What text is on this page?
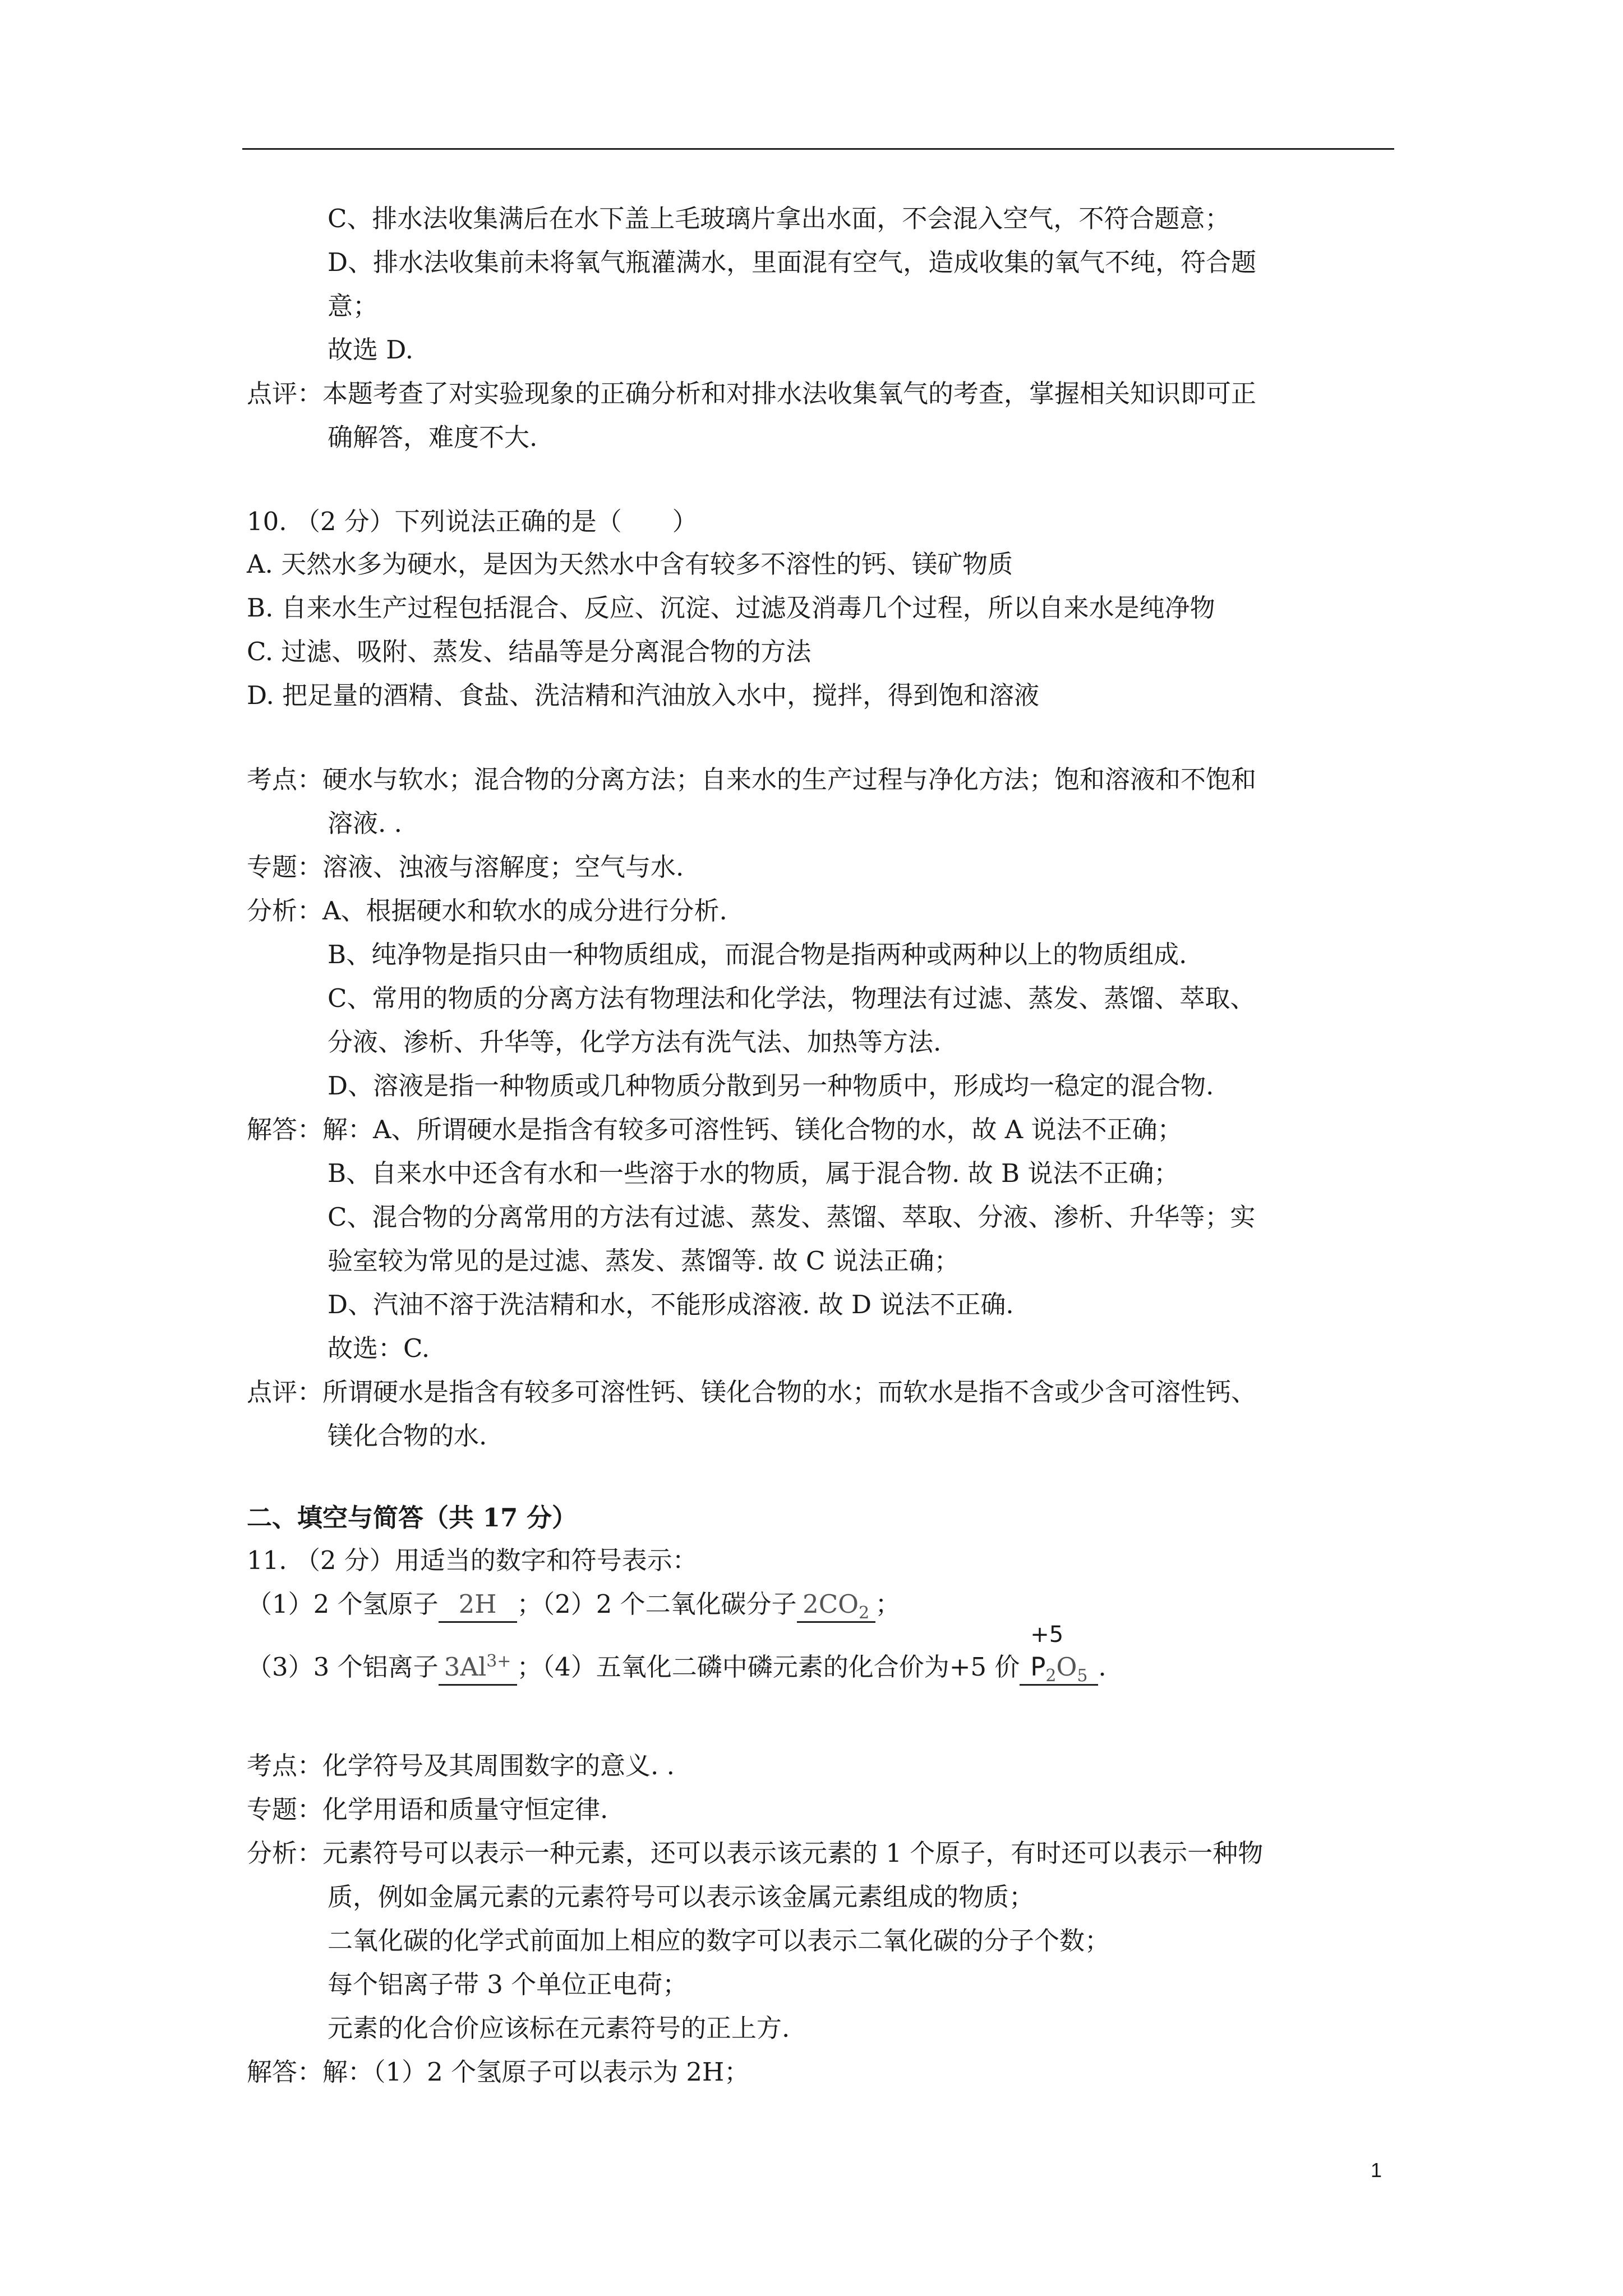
C、排水法收集满后在水下盖上毛玻璃片拿出水面，不会混入空气，不符合题意；
D、排水法收集前未将氧气瓶灌满水，里面混有空气，造成收集的氧气不纯，符合题
意；
故选 D.
点评：本题考查了对实验现象的正确分析和对排水法收集氧气的考查，掌握相关知识即可正
确解答，难度不大.
10. （2 分）下列说法正确的是（　　）
A. 天然水多为硬水，是因为天然水中含有较多不溶性的钙、镁矿物质
B. 自来水生产过程包括混合、反应、沉淀、过滤及消毒几个过程，所以自来水是纯净物
C. 过滤、吸附、蒸发、结晶等是分离混合物的方法
D. 把足量的酒精、食盐、洗洁精和汽油放入水中，搅拌，得到饱和溶液
考点：硬水与软水；混合物的分离方法；自来水的生产过程与净化方法；饱和溶液和不饱和
溶液. .
专题：溶液、浊液与溶解度；空气与水.
分析：A、根据硬水和软水的成分进行分析.
B、纯净物是指只由一种物质组成，而混合物是指两种或两种以上的物质组成.
C、常用的物质的分离方法有物理法和化学法，物理法有过滤、蒸发、蒸馏、萃取、
分液、渗析、升华等，化学方法有洗气法、加热等方法.
D、溶液是指一种物质或几种物质分散到另一种物质中，形成均一稳定的混合物.
解答：解：A、所谓硬水是指含有较多可溶性钙、镁化合物的水，故 A 说法不正确；
B、自来水中还含有水和一些溶于水的物质，属于混合物. 故 B 说法不正确；
C、混合物的分离常用的方法有过滤、蒸发、蒸馏、萃取、分液、渗析、升华等；实
验室较为常见的是过滤、蒸发、蒸馏等. 故 C 说法正确；
D、汽油不溶于洗洁精和水，不能形成溶液. 故 D 说法不正确.
故选：C.
点评：所谓硬水是指含有较多可溶性钙、镁化合物的水；而软水是指不含或少含可溶性钙、
镁化合物的水.
二、填空与简答（共 17 分）
11. （2 分）用适当的数字和符号表示：
（1）2 个氢原子 2H ；（2）2 个二氧化碳分子 $2CO_2$ ；
（3）3 个铝离子 $3Al^{3+}$ ；（4）五氧化二磷中磷元素的化合价为+5 价
+5
$P_2O_5$ .
考点：化学符号及其周围数字的意义. .
专题：化学用语和质量守恒定律.
分析：元素符号可以表示一种元素，还可以表示该元素的 1 个原子，有时还可以表示一种物
质，例如金属元素的元素符号可以表示该金属元素组成的物质；
二氧化碳的化学式前面加上相应的数字可以表示二氧化碳的分子个数；
每个铝离子带 3 个单位正电荷；
元素的化合价应该标在元素符号的正上方.
解答：解：（1）2 个氢原子可以表示为 2H；
1
